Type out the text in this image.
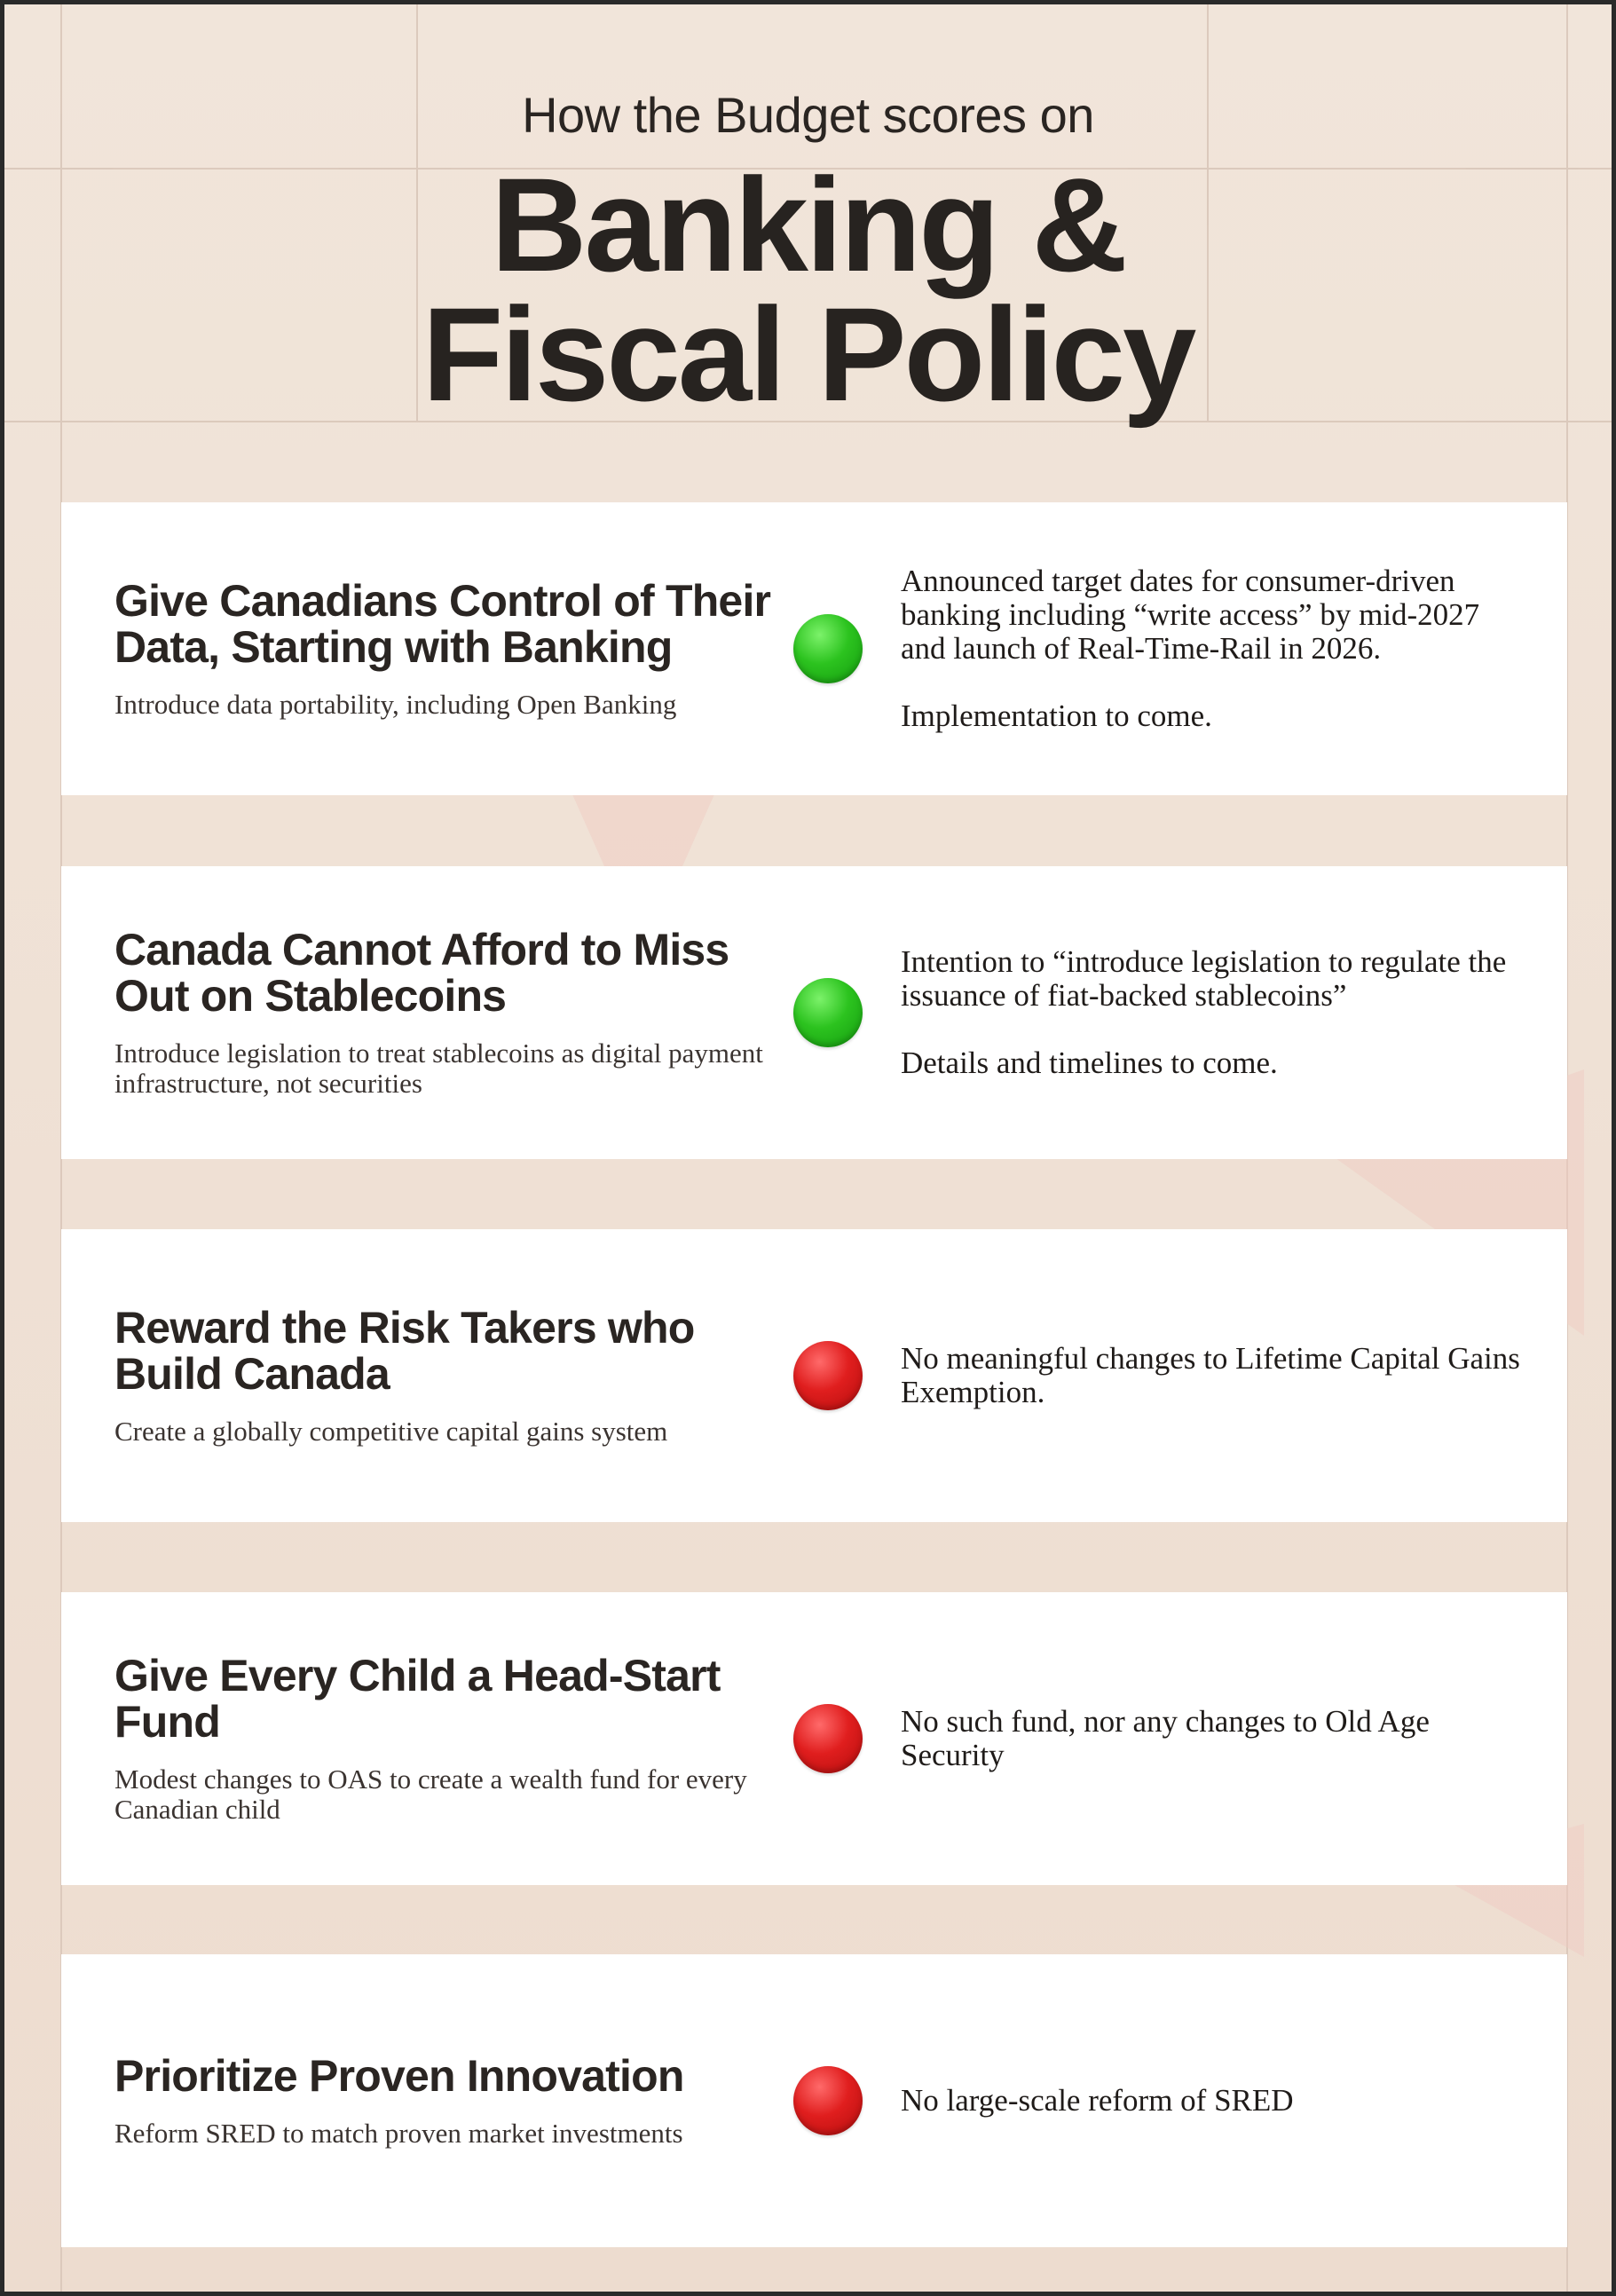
How the Budget scores on
Banking &
Fiscal Policy
Give Canadians Control of Their Data, Starting with Banking
Introduce data portability, including Open Banking

Announced target dates for consumer-driven banking including “write access” by mid-2027 and launch of Real-Time-Rail in 2026.

Implementation to come.

Canada Cannot Afford to Miss Out on Stablecoins
Introduce legislation to treat stablecoins as digital payment infrastructure, not securities

Intention to “introduce legislation to regulate the issuance of fiat-backed stablecoins”

Details and timelines to come.

Reward the Risk Takers who Build Canada
Create a globally competitive capital gains system

No meaningful changes to Lifetime Capital Gains Exemption.

Give Every Child a Head-Start Fund
Modest changes to OAS to create a wealth fund for every Canadian child

No such fund, nor any changes to Old Age Security

Prioritize Proven Innovation
Reform SRED to match proven market investments

No large-scale reform of SRED
